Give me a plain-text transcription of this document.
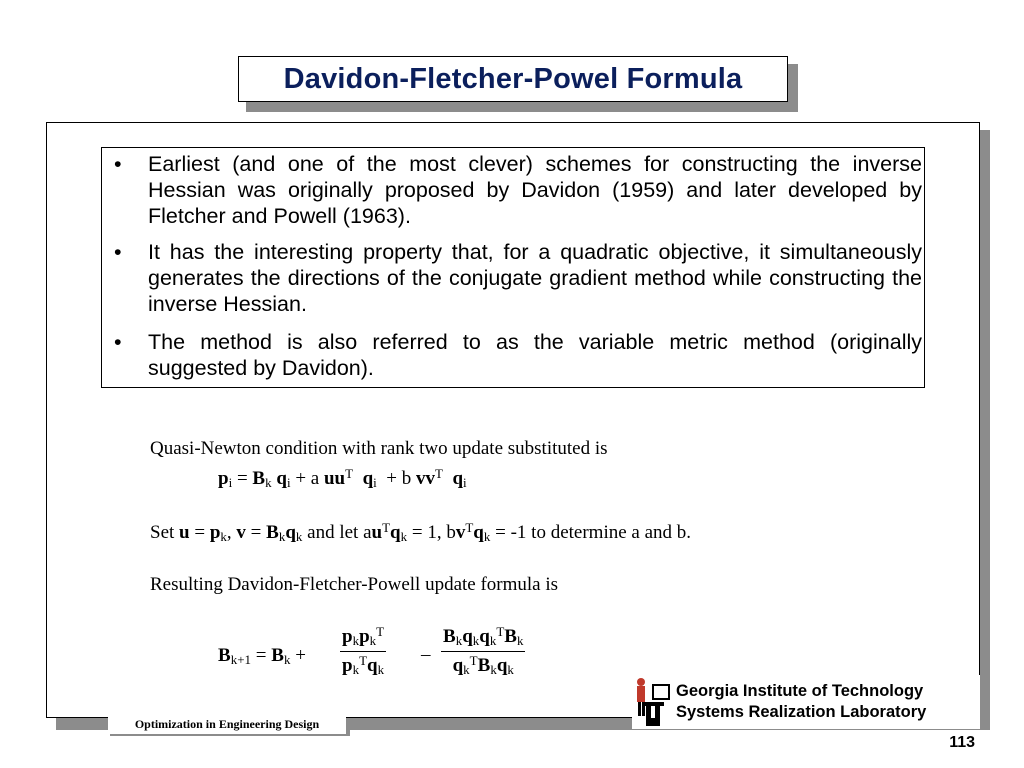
Davidon-Fletcher-Powel Formula
• Earliest (and one of the most clever) schemes for constructing the inverse Hessian was originally proposed by Davidon (1959) and later developed by Fletcher and Powell (1963).
• It has the interesting property that, for a quadratic objective, it simultaneously generates the directions of the conjugate gradient method while constructing the inverse Hessian.
• The method is also referred to as the variable metric method (originally suggested by Davidon).
Quasi-Newton condition with rank two update substituted is
$p_i = B_k$ $q_i + a$ $uu^T$ $q_i + b$ $vv^T$ $q_i$
Set $u = p_k$, $v = B_kq_k$ and let $au^Tq_k = 1$, $bv^Tq_k = -1$ to determine a and b.
Resulting Davidon-Fletcher-Powell update formula is
$B_{k+1} = B_k$ +
$p_kp_k^T$
$p_k^Tq_k$
–
$B_kq_kq_k^TB_k$
$q_k^TB_kq_k$
Optimization in Engineering Design
Georgia Institute of Technology
Systems Realization Laboratory
113
